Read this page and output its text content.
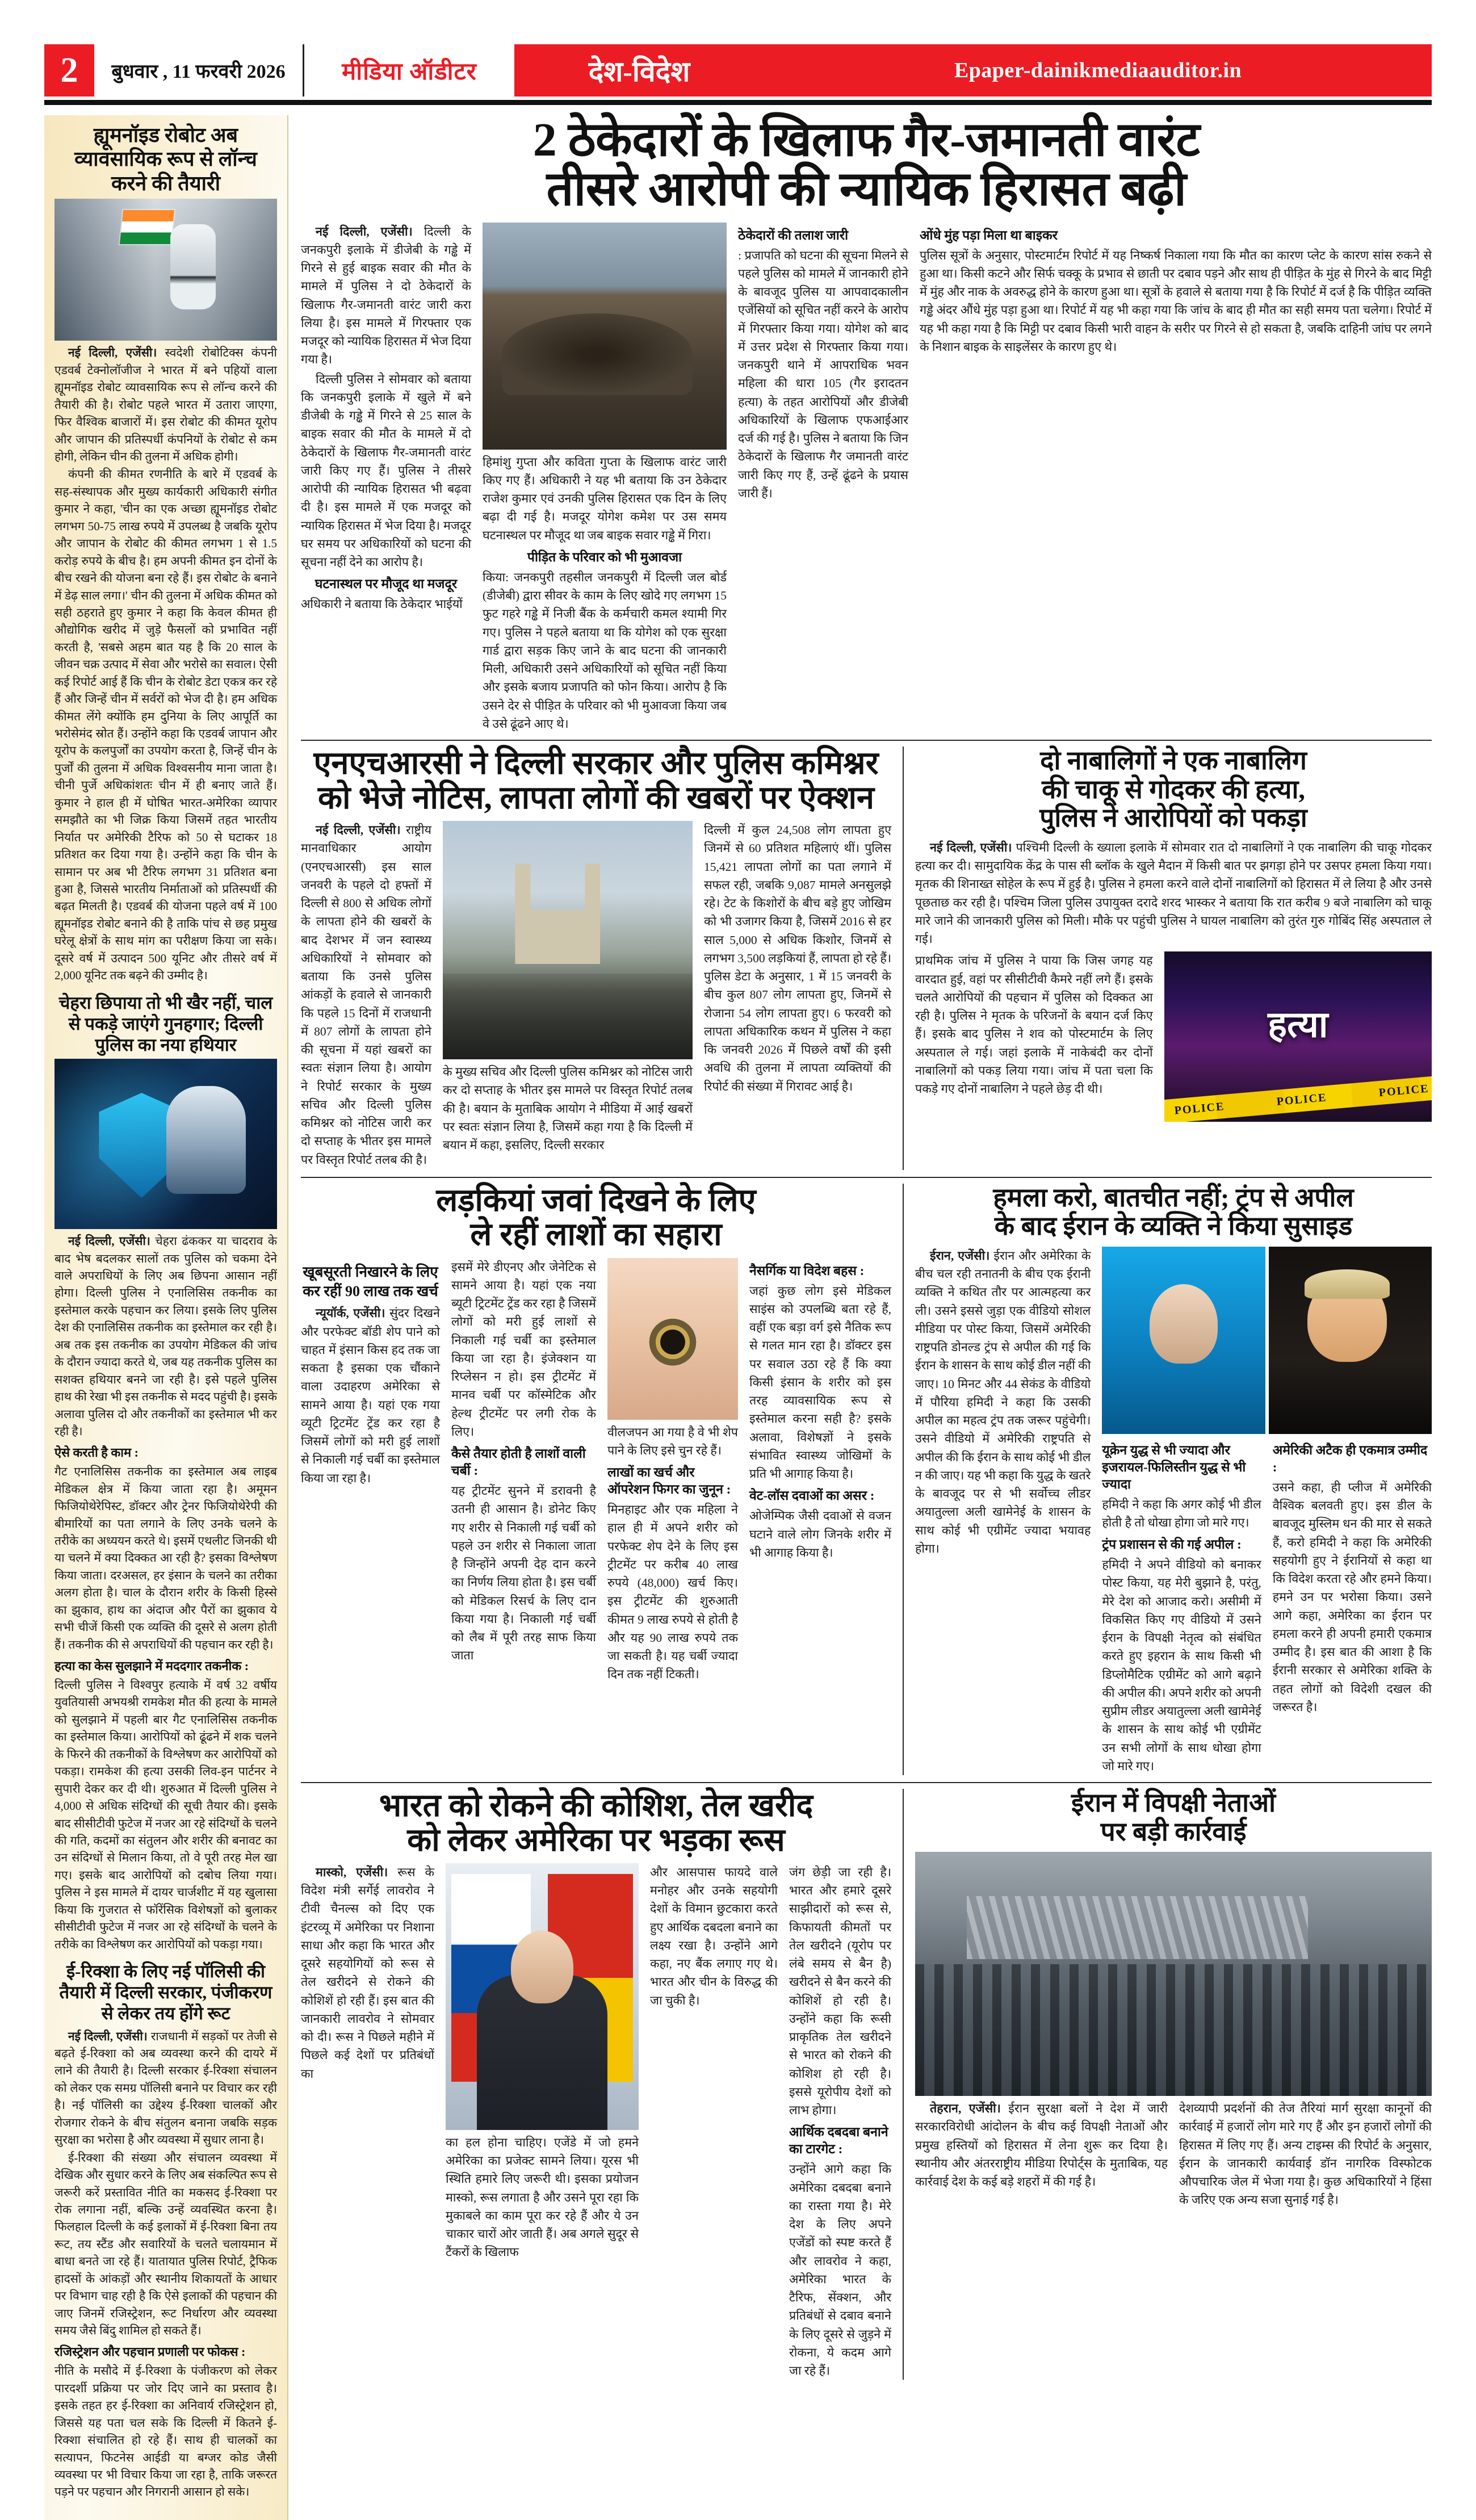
2	बुधवार , 11 फरवरी 2026	मीडिया ऑडीटर	देश-विदेश	Epaper-dainikmediaauditor.in
ह्यूमनॉइड रोबोट अब व्यावसायिक रूप से लॉन्च करने की तैयारी

नई दिल्ली, एजेंसी। स्वदेशी रोबोटिक्स कंपनी एडवर्ब टेक्नोलॉजीज ने भारत में बने पहियों वाला ह्यूमनॉइड रोबोट व्यावसायिक रूप से लॉन्च करने की तैयारी की है। रोबोट पहले भारत में उतारा जाएगा, फिर वैश्विक बाजारों में। इस रोबोट की कीमत यूरोप और जापान की प्रतिस्पर्धी कंपनियों के रोबोट से कम होगी, लेकिन चीन की तुलना में अधिक होगी।

कंपनी की कीमत रणनीति के बारे में एडवर्ब के सह-संस्थापक और मुख्य कार्यकारी अधिकारी संगीत कुमार ने कहा, 'चीन का एक अच्छा ह्यूमनॉइड रोबोट लगभग 50-75 लाख रुपये में उपलब्ध है जबकि यूरोप और जापान के रोबोट की कीमत लगभग 1 से 1.5 करोड़ रुपये के बीच है। हम अपनी कीमत इन दोनों के बीच रखने की योजना बना रहे हैं। इस रोबोट के बनाने में डेढ़ साल लगा।' चीन की तुलना में अधिक कीमत को सही ठहराते हुए कुमार ने कहा कि केवल कीमत ही औद्योगिक खरीद में जुड़े फैसलों को प्रभावित नहीं करती है, 'सबसे अहम बात यह है कि 20 साल के जीवन चक्र उत्पाद में सेवा और भरोसे का सवाल। ऐसी कई रिपोर्ट आई हैं कि चीन के रोबोट डेटा एकत्र कर रहे हैं और जिन्हें चीन में सर्वरों को भेज दी है। हम अधिक कीमत लेंगे क्योंकि हम दुनिया के लिए आपूर्ति का भरोसेमंद स्रोत हैं। उन्होंने कहा कि एडवर्ब जापान और यूरोप के कलपुर्जों का उपयोग करता है, जिन्हें चीन के पुर्जों की तुलना में अधिक विश्वसनीय माना जाता है। चीनी पुर्जे अधिकांशतः चीन में ही बनाए जाते हैं। कुमार ने हाल ही में घोषित भारत-अमेरिका व्यापार समझौते का भी जिक्र किया जिसमें तहत भारतीय निर्यात पर अमेरिकी टैरिफ को 50 से घटाकर 18 प्रतिशत कर दिया गया है। उन्होंने कहा कि चीन के सामान पर अब भी टैरिफ लगभग 31 प्रतिशत बना हुआ है, जिससे भारतीय निर्माताओं को प्रतिस्पर्धी की बढ़त मिलती है। एडवर्ब की योजना पहले वर्ष में 100 ह्यूमनॉइड रोबोट बनाने की है ताकि पांच से छह प्रमुख घरेलू क्षेत्रों के साथ मांग का परीक्षण किया जा सके। दूसरे वर्ष में उत्पादन 500 यूनिट और तीसरे वर्ष में 2,000 यूनिट तक बढ़ने की उम्मीद है।

चेहरा छिपाया तो भी खैर नहीं, चाल से पकड़े जाएंगे गुनहगार; दिल्ली पुलिस का नया हथियार

नई दिल्ली, एजेंसी। चेहरा ढंककर या चादराव के बाद भेष बदलकर सालों तक पुलिस को चकमा देने वाले अपराधियों के लिए अब छिपना आसान नहीं होगा। दिल्ली पुलिस ने एनालिसिस तकनीक का इस्तेमाल करके पहचान कर लिया। इसके लिए पुलिस देश की एनालिसिस तकनीक का इस्तेमाल कर रही है। अब तक इस तकनीक का उपयोग मेडिकल की जांच के दौरान ज्यादा करते थे, जब यह तकनीक पुलिस का सशक्त हथियार बनने जा रही है। इसे पहले पुलिस हाथ की रेखा भी इस तकनीक से मदद पहुंची है। इसके अलावा पुलिस दो और तकनीकों का इस्तेमाल भी कर रही है।

ऐसे करती है काम :

गैट एनालिसिस तकनीक का इस्तेमाल अब लाइब मेडिकल क्षेत्र में किया जाता रहा है। अमूमन फिजियोथेरेपिस्ट, डॉक्टर और ट्रेनर फिजियोथेरेपी की बीमारियों का पता लगाने के लिए उनके चलने के तरीके का अध्ययन करते थे। इसमें एथलीट जिनकी थी या चलने में क्या दिक्कत आ रही है? इसका विश्लेषण किया जाता। दरअसल, हर इंसान के चलने का तरीका अलग होता है। चाल के दौरान शरीर के किसी हिस्से का झुकाव, हाथ का अंदाज और पैरों का झुकाव ये सभी चीजें किसी एक व्यक्ति की दूसरे से अलग होती हैं। तकनीक की से अपराधियों की पहचान कर रही है।

हत्या का केस सुलझाने में मददगार तकनीक :

दिल्ली पुलिस ने विश्वपुर हत्याके में वर्ष 32 वर्षीय युवतियासी अभयश्री रामकेश मौत की हत्या के मामले को सुलझाने में पहली बार गैट एनालिसिस तकनीक का इस्तेमाल किया। आरोपियों को ढूंढने में शक चलने के फिरने की तकनीकों के विश्लेषण कर आरोपियों को पकड़ा। रामकेश की हत्या उसकी लिव-इन पार्टनर ने सुपारी देकर कर दी थी। शुरुआत में दिल्ली पुलिस ने 4,000 से अधिक संदिग्धों की सूची तैयार की। इसके बाद सीसीटीवी फुटेज में नजर आ रहे संदिग्धों के चलने की गति, कदमों का संतुलन और शरीर की बनावट का उन संदिग्धों से मिलान किया, तो वे पूरी तरह मेल खा गए। इसके बाद आरोपियों को दबोच लिया गया। पुलिस ने इस मामले में दायर चार्जशीट में यह खुलासा किया कि गुजरात से फॉरेंसिक विशेषज्ञों को बुलाकर सीसीटीवी फुटेज में नजर आ रहे संदिग्धों के चलने के तरीके का विश्लेषण कर आरोपियों को पकड़ा गया।

ई-रिक्शा के लिए नई पॉलिसी की तैयारी में दिल्ली सरकार, पंजीकरण से लेकर तय होंगे रूट

नई दिल्ली, एजेंसी। राजधानी में सड़कों पर तेजी से बढ़ते ई-रिक्शा को अब व्यवस्था करने की दायरे में लाने की तैयारी है। दिल्ली सरकार ई-रिक्शा संचालन को लेकर एक समग्र पॉलिसी बनाने पर विचार कर रही है। नई पॉलिसी का उद्देश्य ई-रिक्शा चालकों और रोजगार रोकने के बीच संतुलन बनाना जबकि सड़क सुरक्षा का भरोसा है और व्यवस्था में सुधार लाना है।

ई-रिक्शा की संख्या और संचालन व्यवस्था में देखिक और सुधार करने के लिए अब संकल्पित रूप से जरूरी करें प्रस्तावित नीति का मकसद ई-रिक्शा पर रोक लगाना नहीं, बल्कि उन्हें व्यवस्थित करना है। फिलहाल दिल्ली के कई इलाकों में ई-रिक्शा बिना तय रूट, तय स्टैंड और सवारियों के चलते चलायमान में बाधा बनते जा रहे हैं। यातायात पुलिस रिपोर्ट, ट्रैफिक हादसों के आंकड़ों और स्थानीय शिकायतों के आधार पर विभाग चाह रही है कि ऐसे इलाकों की पहचान की जाए जिनमें रजिस्ट्रेशन, रूट निर्धारण और व्यवस्था समय जैसे बिंदु शामिल हो सकते हैं।

रजिस्ट्रेशन और पहचान प्रणाली पर फोकस :

नीति के मसौदे में ई-रिक्शा के पंजीकरण को लेकर पारदर्शी प्रक्रिया पर जोर दिए जाने का प्रस्ताव है। इसके तहत हर ई-रिक्शा का अनिवार्य रजिस्ट्रेशन हो, जिससे यह पता चल सके कि दिल्ली में कितने ई-रिक्शा संचालित हो रहे हैं। साथ ही चालकों का सत्यापन, फिटनेस आईडी या बग्जर कोड जैसी व्यवस्था पर भी विचार किया जा रहा है, ताकि जरूरत पड़ने पर पहचान और निगरानी आसान हो सके।

2 ठेकेदारों के खिलाफ गैर-जमानती वारंट
तीसरे आरोपी की न्यायिक हिरासत बढ़ी

नई दिल्ली, एजेंसी। दिल्ली के जनकपुरी इलाके में डीजेबी के गड्ढे में गिरने से हुई बाइक सवार की मौत के मामले में पुलिस ने दो ठेकेदारों के खिलाफ गैर-जमानती वारंट जारी करा लिया है। इस मामले में गिरफ्तार एक मजदूर को न्यायिक हिरासत में भेज दिया गया है।

दिल्ली पुलिस ने सोमवार को बताया कि जनकपुरी इलाके में खुले में बने डीजेबी के गड्ढे में गिरने से 25 साल के बाइक सवार की मौत के मामले में दो ठेकेदारों के खिलाफ गैर-जमानती वारंट जारी किए गए हैं। पुलिस ने तीसरे आरोपी की न्यायिक हिरासत भी बढ़वा दी है। इस मामले में एक मजदूर को न्यायिक हिरासत में भेज दिया है। मजदूर घर समय पर अधिकारियों को घटना की सूचना नहीं देने का आरोप है।

घटनास्थल पर मौजूद था मजदूर

अधिकारी ने बताया कि ठेकेदार भाईयों

हिमांशु गुप्ता और कविता गुप्ता के खिलाफ वारंट जारी किए गए हैं। अधिकारी ने यह भी बताया कि उन ठेकेदार राजेश कुमार एवं उनकी पुलिस हिरासत एक दिन के लिए बढ़ा दी गई है। मजदूर योगेश कमेश पर उस समय घटनास्थल पर मौजूद था जब बाइक सवार गड्ढे में गिरा।
पीड़ित के परिवार को भी मुआवजा
किया: जनकपुरी तहसील जनकपुरी में दिल्ली जल बोर्ड (डीजेबी) द्वारा सीवर के काम के लिए खोदे गए लगभग 15 फुट गहरे गड्ढे में निजी बैंक के कर्मचारी कमल श्यामी गिर गए। पुलिस ने पहले बताया था कि योगेश को एक सुरक्षा गार्ड द्वारा सड़क किए जाने के बाद घटना की जानकारी मिली, अधिकारी उसने अधिकारियों को सूचित नहीं किया और इसके बजाय प्रजापति को फोन किया। आरोप है कि उसने देर से पीड़ित के परिवार को भी मुआवजा किया जब वे उसे ढूंढने आए थे।
ठेकेदारों की तलाश जारी

: प्रजापति को घटना की सूचना मिलने से पहले पुलिस को मामले में जानकारी होने के बावजूद पुलिस या आपवादकालीन एजेंसियों को सूचित नहीं करने के आरोप में गिरफ्तार किया गया। योगेश को बाद में उत्तर प्रदेश से गिरफ्तार किया गया। जनकपुरी थाने में आपराधिक भवन महिला की धारा 105 (गैर इरादतन हत्या) के तहत आरोपियों और डीजेबी अधिकारियों के खिलाफ एफआईआर दर्ज की गई है। पुलिस ने बताया कि जिन ठेकेदारों के खिलाफ गैर जमानती वारंट जारी किए गए हैं, उन्हें ढूंढने के प्रयास जारी हैं।

ओंधे मुंह पड़ा मिला था बाइकर

पुलिस सूत्रों के अनुसार, पोस्टमार्टम रिपोर्ट में यह निष्कर्ष निकाला गया कि मौत का कारण प्लेट के कारण सांस रुकने से हुआ था। किसी कटने और सिर्फ चक्कू के प्रभाव से छाती पर दबाव पड़ने और साथ ही पीड़ित के मुंह से गिरने के बाद मिट्टी में मुंह और नाक के अवरुद्ध होने के कारण हुआ था। सूत्रों के हवाले से बताया गया है कि रिपोर्ट में दर्ज है कि पीड़ित व्यक्ति गड्ढे अंदर औंधे मुंह पड़ा हुआ था। रिपोर्ट में यह भी कहा गया कि जांच के बाद ही मौत का सही समय पता चलेगा। रिपोर्ट में यह भी कहा गया है कि मिट्टी पर दबाव किसी भारी वाहन के सरीर पर गिरने से हो सकता है, जबकि दाहिनी जांघ पर लगने के निशान बाइक के साइलेंसर के कारण हुए थे।

एनएचआरसी ने दिल्ली सरकार और पुलिस कमिश्नर
को भेजे नोटिस, लापता लोगों की खबरों पर ऐक्शन

नई दिल्ली, एजेंसी। राष्ट्रीय मानवाधिकार आयोग (एनएचआरसी) इस साल जनवरी के पहले दो हफ्तों में दिल्ली से 800 से अधिक लोगों के लापता होने की खबरों के बाद देशभर में जन स्वास्थ्य अधिकारियों ने सोमवार को बताया कि उनसे पुलिस आंकड़ों के हवाले से जानकारी कि पहले 15 दिनों में राजधानी में 807 लोगों के लापता होने की सूचना में यहां खबरों का स्वतः संज्ञान लिया है। आयोग ने रिपोर्ट सरकार के मुख्य सचिव और दिल्ली पुलिस कमिश्नर को नोटिस जारी कर दो सप्ताह के भीतर इस मामले पर विस्तृत रिपोर्ट तलब की है।

के मुख्य सचिव और दिल्ली पुलिस कमिश्नर को नोटिस जारी कर दो सप्ताह के भीतर इस मामले पर विस्तृत रिपोर्ट तलब की है। बयान के मुताबिक आयोग ने मीडिया में आई खबरों पर स्वतः संज्ञान लिया है, जिसमें कहा गया है कि दिल्ली में बयान में कहा, इसलिए, दिल्ली सरकार
दिल्ली में कुल 24,508 लोग लापता हुए जिनमें से 60 प्रतिशत महिलाएं थीं। पुलिस 15,421 लापता लोगों का पता लगाने में सफल रही, जबकि 9,087 मामले अनसुलझे रहे। टेट के किशोरों के बीच बड़े हुए जोखिम को भी उजागर किया है, जिसमें 2016 से हर साल 5,000 से अधिक किशोर, जिनमें से लगभग 3,500 लड़कियां हैं, लापता हो रहे हैं। पुलिस डेटा के अनुसार, 1 में 15 जनवरी के बीच कुल 807 लोग लापता हुए, जिनमें से रोजाना 54 लोग लापता हुए। 6 फरवरी को लापता अधिकारिक कथन में पुलिस ने कहा कि जनवरी 2026 में पिछले वर्षों की इसी अवधि की तुलना में लापता व्यक्तियों की रिपोर्ट की संख्या में गिरावट आई है।
दो नाबालिगों ने एक नाबालिग
की चाकू से गोदकर की हत्या,
पुलिस ने आरोपियों को पकड़ा

नई दिल्ली, एजेंसी। पश्चिमी दिल्ली के ख्याला इलाके में सोमवार रात दो नाबालिगों ने एक नाबालिग की चाकू गोदकर हत्या कर दी। सामुदायिक केंद्र के पास सी ब्लॉक के खुले मैदान में किसी बात पर झगड़ा होने पर उसपर हमला किया गया। मृतक की शिनाख्त सोहेल के रूप में हुई है। पुलिस ने हमला करने वाले दोनों नाबालिगों को हिरासत में ले लिया है और उनसे पूछताछ कर रही है। पश्चिम जिला पुलिस उपायुक्त दरादे शरद भास्कर ने बताया कि रात करीब 9 बजे नाबालिग को चाकू मारे जाने की जानकारी पुलिस को मिली। मौके पर पहुंची पुलिस ने घायल नाबालिग को तुरंत गुरु गोबिंद सिंह अस्पताल ले गई।

प्राथमिक जांच में पुलिस ने पाया कि जिस जगह यह वारदात हुई, वहां पर सीसीटीवी कैमरे नहीं लगे हैं। इसके चलते आरोपियों की पहचान में पुलिस को दिक्कत आ रही है। पुलिस ने मृतक के परिजनों के बयान दर्ज किए हैं। इसके बाद पुलिस ने शव को पोस्टमार्टम के लिए अस्पताल ले गई। जहां इलाके में नाकेबंदी कर दोनों नाबालिगों को पकड़ लिया गया। जांच में पता चला कि पकड़े गए दोनों नाबालिग ने पहले छेड़ दी थी।
हत्या
POLICE
POLICE
POLICE
लड़कियां जवां दिखने के लिए
ले रहीं लाशों का सहारा
खूबसूरती निखारने के लिए कर रहीं 90 लाख तक खर्च

न्यूयॉर्क, एजेंसी। सुंदर दिखने और परफेक्ट बॉडी शेप पाने को चाहत में इंसान किस हद तक जा सकता है इसका एक चौंकाने वाला उदाहरण अमेरिका से सामने आया है। यहां एक गया व्यूटी ट्रिटमेंट ट्रेंड कर रहा है जिसमें लोगों को मरी हुई लाशों से निकाली गई चर्बी का इस्तेमाल किया जा रहा है।

इसमें मेरे डीएनए और जेनेटिक से सामने आया है। यहां एक नया ब्यूटी ट्रिटमेंट ट्रेंड कर रहा है जिसमें लोगों को मरी हुई लाशों से निकाली गई चर्बी का इस्तेमाल किया जा रहा है। इंजेक्शन या रिप्लेसन न हो। इस ट्रीटमेंट में मानव चर्बी पर कॉस्मेटिक और हेल्थ ट्रीटमेंट पर लगी रोक के लिए।
कैसे तैयार होती है लाशों वाली चर्बी :
यह ट्रीटमेंट सुनने में डरावनी है उतनी ही आसान है। डोनेट किए गए शरीर से निकाली गई चर्बी को पहले उन शरीर से निकाला जाता है जिन्होंने अपनी देह दान करने का निर्णय लिया होता है। इस चर्बी को मेडिकल रिसर्च के लिए दान किया गया है। निकाली गई चर्बी को लैब में पूरी तरह साफ किया जाता
वीलजपन आ गया है वे भी शेप पाने के लिए इसे चुन रहे हैं।
लाखों का खर्च और ऑपरेशन फिगर का जुनून :
मिनहाइट और एक महिला ने हाल ही में अपने शरीर को परफेक्ट शेप देने के लिए इस ट्रीटमेंट पर करीब 40 लाख रुपये (48,000) खर्च किए। इस ट्रीटमेंट की शुरुआती कीमत 9 लाख रुपये से होती है और यह 90 लाख रुपये तक जा सकती है। यह चर्बी ज्यादा दिन तक नहीं टिकती।
नैसर्गिक या विदेश बहस :
जहां कुछ लोग इसे मेडिकल साइंस को उपलब्धि बता रहे हैं, वहीं एक बड़ा वर्ग इसे नैतिक रूप से गलत मान रहा है। डॉक्टर इस पर सवाल उठा रहे हैं कि क्या किसी इंसान के शरीर को इस तरह व्यावसायिक रूप से इस्तेमाल करना सही है? इसके अलावा, विशेषज्ञों ने इसके संभावित स्वास्थ्य जोखिमों के प्रति भी आगाह किया है।
वेट-लॉस दवाओं का असर :
ओजेम्पिक जैसी दवाओं से वजन घटाने वाले लोग जिनके शरीर में भी आगाह किया है।
हमला करो, बातचीत नहीं; ट्रंप से अपील
के बाद ईरान के व्यक्ति ने किया सुसाइड

ईरान, एजेंसी। ईरान और अमेरिका के बीच चल रही तनातनी के बीच एक ईरानी व्यक्ति ने कथित तौर पर आत्महत्या कर ली। उसने इससे जुड़ा एक वीडियो सोशल मीडिया पर पोस्ट किया, जिसमें अमेरिकी राष्ट्रपति डोनल्ड ट्रंप से अपील की गई कि ईरान के शासन के साथ कोई डील नहीं की जाए। 10 मिनट और 44 सेकंड के वीडियो में पौरिया हमिदी ने कहा कि उसकी अपील का महत्व ट्रंप तक जरूर पहुंचेगी। उसने वीडियो में अमेरिकी राष्ट्रपति से अपील की कि ईरान के साथ कोई भी डील न की जाए। यह भी कहा कि युद्ध के खतरे के बावजूद पर से भी सर्वोच्च लीडर अयातुल्ला अली खामेनेई के शासन के साथ कोई भी एग्रीमेंट ज्यादा भयावह होगा।

यूक्रेन युद्ध से भी ज्यादा और इजरायल-फिलिस्तीन युद्ध से भी ज्यादा
हमिदी ने कहा कि अगर कोई भी डील होती है तो धोखा होगा जो मारे गए।
ट्रंप प्रशासन से की गई अपील :
हमिदी ने अपने वीडियो को बनाकर पोस्ट किया, यह मेरी बुझाने है, परंतु, मेरे देश को आजाद करो। असीमी में विकसित किए गए वीडियो में उसने ईरान के विपक्षी नेतृत्व को संबंधित करते हुए इहरान के साथ किसी भी डिप्लोमैटिक एग्रीमेंट को आगे बढ़ाने की अपील की। अपने शरीर को अपनी सुप्रीम लीडर अयातुल्ला अली खामेनेई के शासन के साथ कोई भी एग्रीमेंट उन सभी लोगों के साथ धोखा होगा जो मारे गए।
अमेरिकी अटैक ही एकमात्र उम्मीद :
उसने कहा, ही प्लीज में अमेरिकी वैश्विक बलवती हुए। इस डील के बावजूद मुस्लिम धन की मार से सकते हैं, करो हमिदी ने कहा कि अमेरिकी सहयोगी हुए ने ईरानियों से कहा था कि विदेश करता रहे और हमने किया। हमने उन पर भरोसा किया। उसने आगे कहा, अमेरिका का ईरान पर हमला करने ही अपनी हमारी एकमात्र उम्मीद है। इस बात की आशा है कि ईरानी सरकार से अमेरिका शक्ति के तहत लोगों को विदेशी दखल की जरूरत है।
भारत को रोकने की कोशिश, तेल खरीद
को लेकर अमेरिका पर भड़का रूस

मास्को, एजेंसी। रूस के विदेश मंत्री सर्गेई लावरोव ने टीवी चैनल्स को दिए एक इंटरव्यू में अमेरिका पर निशाना साधा और कहा कि भारत और दूसरे सहयोगियों को रूस से तेल खरीदने से रोकने की कोशिशें हो रही हैं। इस बात की जानकारी लावरोव ने सोमवार को दी। रूस ने पिछले महीने में पिछले कई देशों पर प्रतिबंधों का

का हल होना चाहिए। एजेंडे में जो हमने अमेरिका का प्रजेक्ट सामने लिया। यूरस भी स्थिति हमारे लिए जरूरी थी। इसका प्रयोजन मास्को, रूस लगाता है और उसने पूरा रहा कि मुकाबले का काम पूरा कर रहे हैं और ये उन चाकार चारों ओर जाती हैं। अब अगले सुदूर से टैंकरों के खिलाफ
और आसपास फायदे वाले मनोहर और उनके सहयोगी देशों के विमान छुटकारा करते हुए आर्थिक दबदला बनाने का लक्ष्य रखा है। उन्होंने आगे कहा, नए बैंक लगाए गए थे। भारत और चीन के विरुद्ध की जा चुकी है।
जंग छेड़ी जा रही है। भारत और हमारे दूसरे साझीदारों को रूस से, किफायती कीमतों पर तेल खरीदने (यूरोप पर लंबे समय से बैन है) खरीदने से बैन करने की कोशिशें हो रही है। उन्होंने कहा कि रूसी प्राकृतिक तेल खरीदने से भारत को रोकने की कोशिश हो रही है। इससे यूरोपीय देशों को लाभ होगा।
आर्थिक दबदबा बनाने का टारगेट :
उन्होंने आगे कहा कि अमेरिका दबदबा बनाने का रास्ता गया है। मेरे देश के लिए अपने एजेंडों को स्पष्ट करते हैं और लावरोव ने कहा, अमेरिका भारत के टैरिफ, सेंक्शन, और प्रतिबंधों से दबाव बनाने के लिए दूसरे से जुड़ने में रोकना, ये कदम आगे जा रहे हैं।
ईरान में विपक्षी नेताओं
पर बड़ी कार्रवाई

तेहरान, एजेंसी। ईरान सुरक्षा बलों ने देश में जारी सरकारविरोधी आंदोलन के बीच कई विपक्षी नेताओं और प्रमुख हस्तियों को हिरासत में लेना शुरू कर दिया है। स्थानीय और अंतरराष्ट्रीय मीडिया रिपोर्ट्स के मुताबिक, यह कार्रवाई देश के कई बड़े शहरों में की गई है।

देशव्यापी प्रदर्शनों की तेज तैरियां मार्ग सुरक्षा कानूनों की कार्रवाई में हजारों लोग मारे गए हैं और इन हजारों लोगों की हिरासत में लिए गए हैं। अन्य टाइम्स की रिपोर्ट के अनुसार, ईरान के जानकारी कार्यवाई डॉन नागरिक विस्फोटक औपचारिक जेल में भेजा गया है। कुछ अधिकारियों ने हिंसा के जरिए एक अन्य सजा सुनाई गई है।
